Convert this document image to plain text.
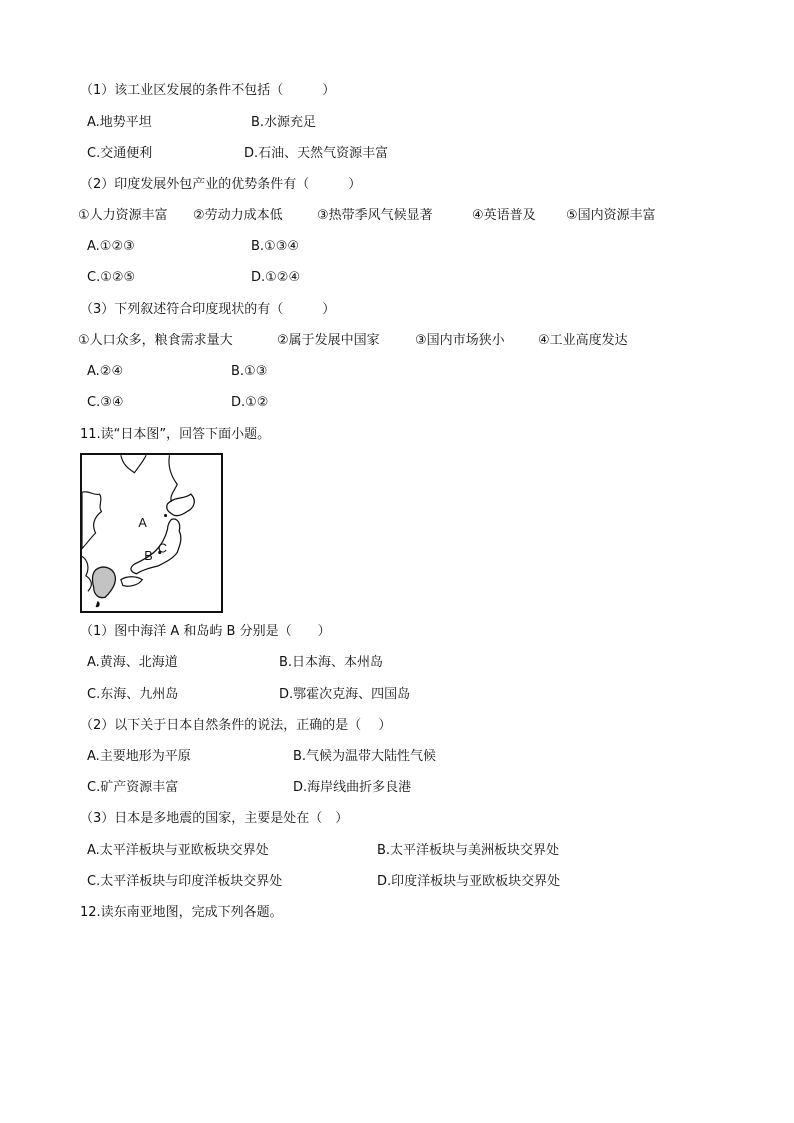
（1）该工业区发展的条件不包括（　　　）
A.地势平坦	B.水源充足
C.交通便利	D.石油、天然气资源丰富
（2）印度发展外包产业的优势条件有（　　　）
①人力资源丰富 ②劳动力成本低	③热带季风气候显著	④英语普及 ⑤国内资源丰富
A.①②③	B.①③④
C.①②⑤	D.①②④
（3）下列叙述符合印度现状的有（　　　）
①人口众多，粮食需求量大	②属于发展中国家	③国内市场狭小	④工业高度发达
A.②④	B.①③
C.③④	D.①②
11.读“日本图”，回答下面小题。
A
B
C
（1）图中海洋 A 和岛屿 B 分别是（　　）
A.黄海、北海道	B.日本海、本州岛
C.东海、九州岛	D.鄂霍次克海、四国岛
（2）以下关于日本自然条件的说法，正确的是（　 ）
A.主要地形为平原	B.气候为温带大陆性气候
C.矿产资源丰富	D.海岸线曲折多良港
（3）日本是多地震的国家，主要是处在（　）
A.太平洋板块与亚欧板块交界处	B.太平洋板块与美洲板块交界处
C.太平洋板块与印度洋板块交界处	D.印度洋板块与亚欧板块交界处
12.读东南亚地图，完成下列各题。
